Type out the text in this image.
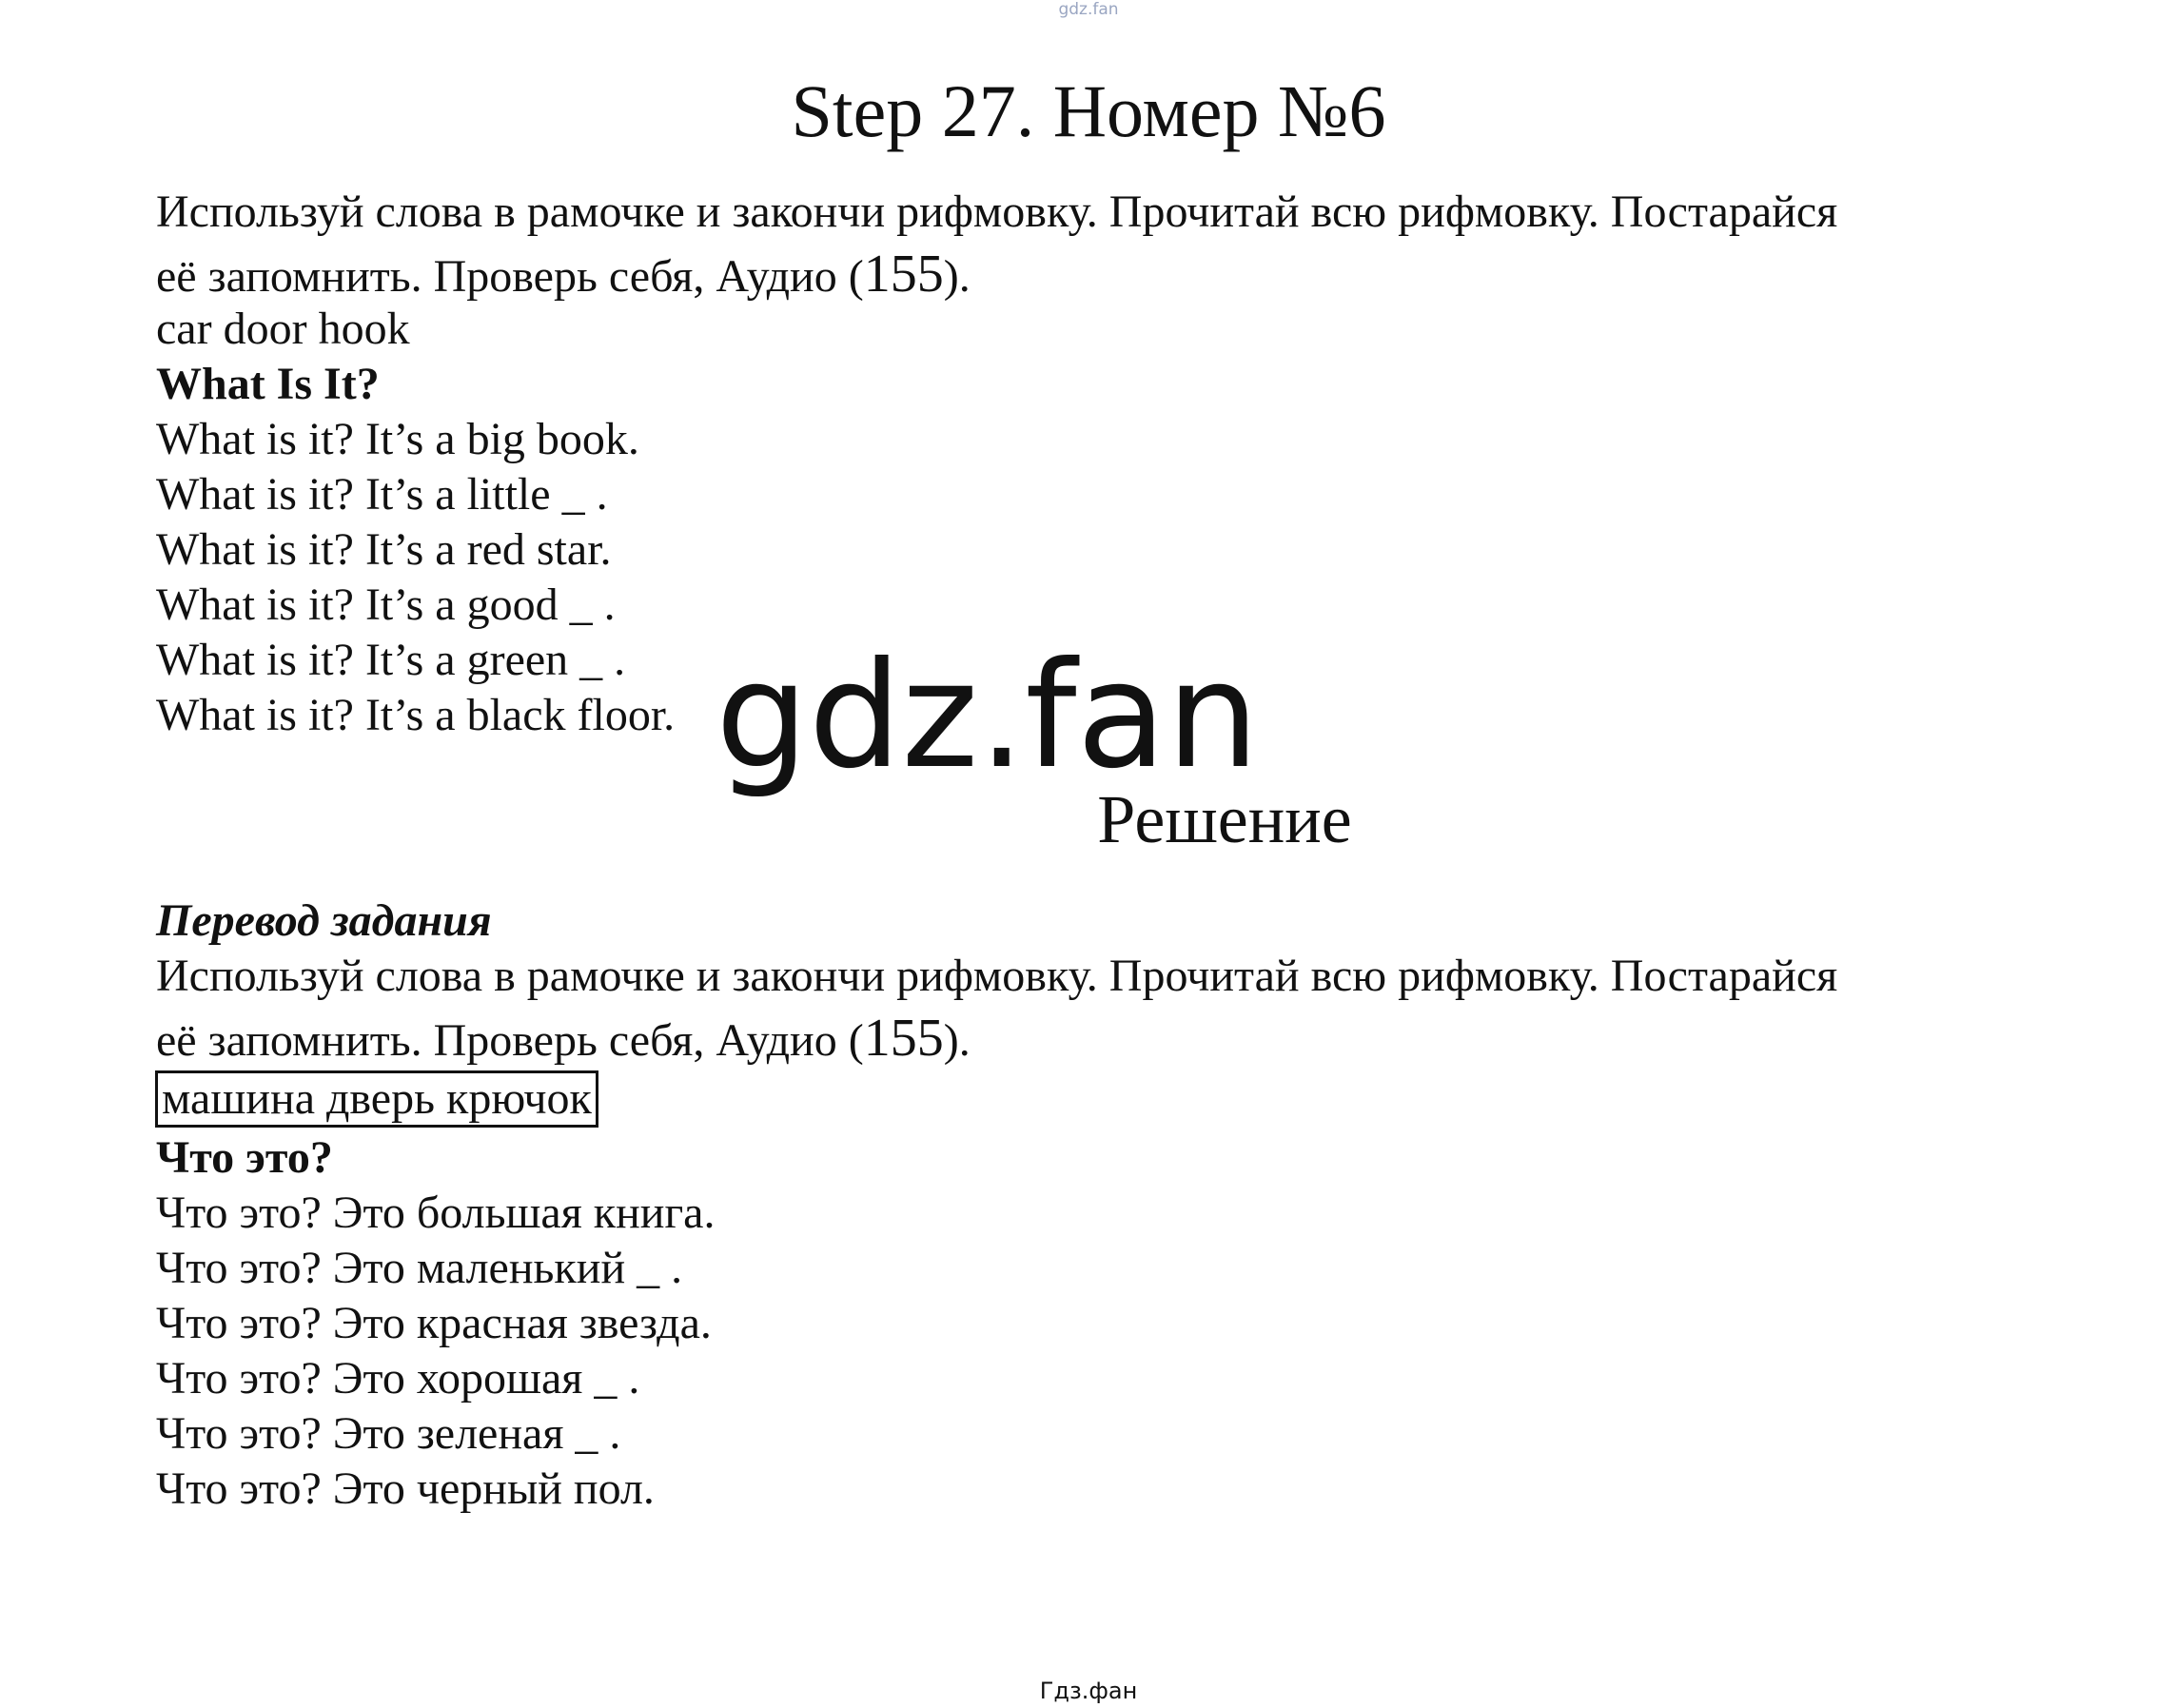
gdz.fan
Step 27. Номер №6
Используй слова в рамочке и закончи рифмовку. Прочитай всю рифмовку. Постарайся
её запомнить. Проверь себя, Аудио (155).
car door hook
What Is It?
What is it? It’s a big book.
What is it? It’s a little _ .
What is it? It’s a red star.
What is it? It’s a good _ .
What is it? It’s a green _ .
What is it? It’s a black floor. gdz.fan
Решение
Перевод задания
Используй слова в рамочке и закончи рифмовку. Прочитай всю рифмовку. Постарайся
её запомнить. Проверь себя, Аудио (155).
машина дверь крючок
Что это?
Что это? Это большая книга.
Что это? Это маленький _ .
Что это? Это красная звезда.
Что это? Это хорошая _ .
Что это? Это зеленая _ .
Что это? Это черный пол.
Гдз.фан
